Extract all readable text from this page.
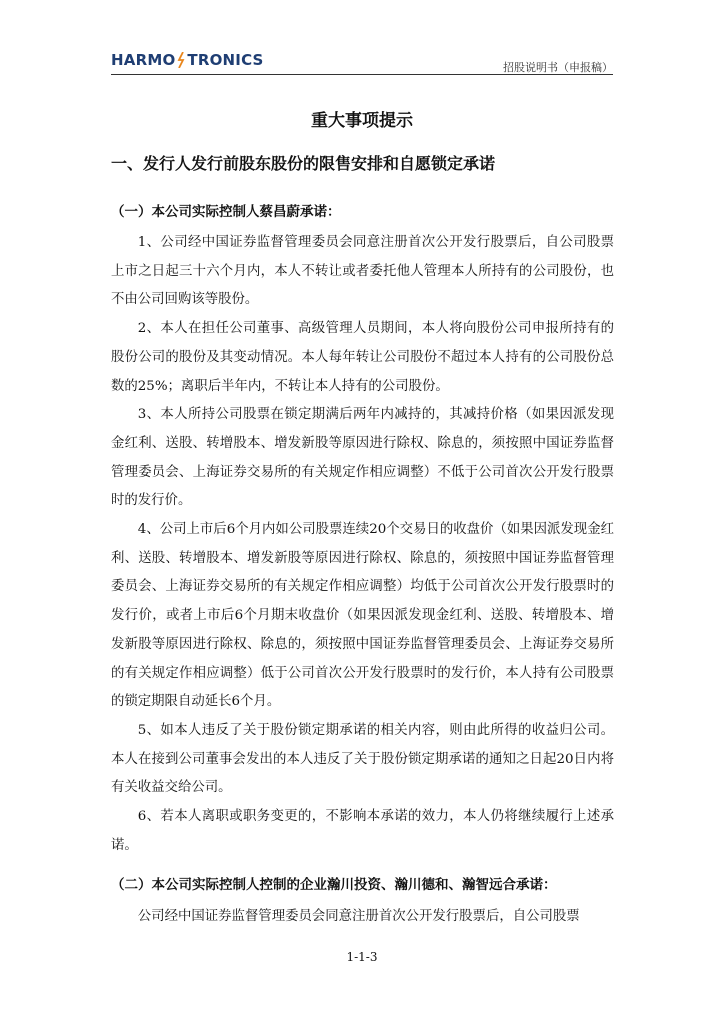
HARMO TRONICS	招股说明书（申报稿）
重大事项提示
一、发行人发行前股东股份的限售安排和自愿锁定承诺
（一）本公司实际控制人蔡昌蔚承诺：

1、公司经中国证券监督管理委员会同意注册首次公开发行股票后，自公司股票上市之日起三十六个月内，本人不转让或者委托他人管理本人所持有的公司股份，也不由公司回购该等股份。

2、本人在担任公司董事、高级管理人员期间，本人将向股份公司申报所持有的股份公司的股份及其变动情况。本人每年转让公司股份不超过本人持有的公司股份总数的25%；离职后半年内，不转让本人持有的公司股份。

3、本人所持公司股票在锁定期满后两年内减持的，其减持价格（如果因派发现金红利、送股、转增股本、增发新股等原因进行除权、除息的，须按照中国证券监督管理委员会、上海证券交易所的有关规定作相应调整）不低于公司首次公开发行股票时的发行价。

4、公司上市后6个月内如公司股票连续20个交易日的收盘价（如果因派发现金红利、送股、转增股本、增发新股等原因进行除权、除息的，须按照中国证券监督管理委员会、上海证券交易所的有关规定作相应调整）均低于公司首次公开发行股票时的发行价，或者上市后6个月期末收盘价（如果因派发现金红利、送股、转增股本、增发新股等原因进行除权、除息的，须按照中国证券监督管理委员会、上海证券交易所的有关规定作相应调整）低于公司首次公开发行股票时的发行价，本人持有公司股票的锁定期限自动延长6个月。

5、如本人违反了关于股份锁定期承诺的相关内容，则由此所得的收益归公司。本人在接到公司董事会发出的本人违反了关于股份锁定期承诺的通知之日起20日内将有关收益交给公司。

6、若本人离职或职务变更的，不影响本承诺的效力，本人仍将继续履行上述承诺。

（二）本公司实际控制人控制的企业瀚川投资、瀚川德和、瀚智远合承诺：

公司经中国证券监督管理委员会同意注册首次公开发行股票后，自公司股票

1-1-3
